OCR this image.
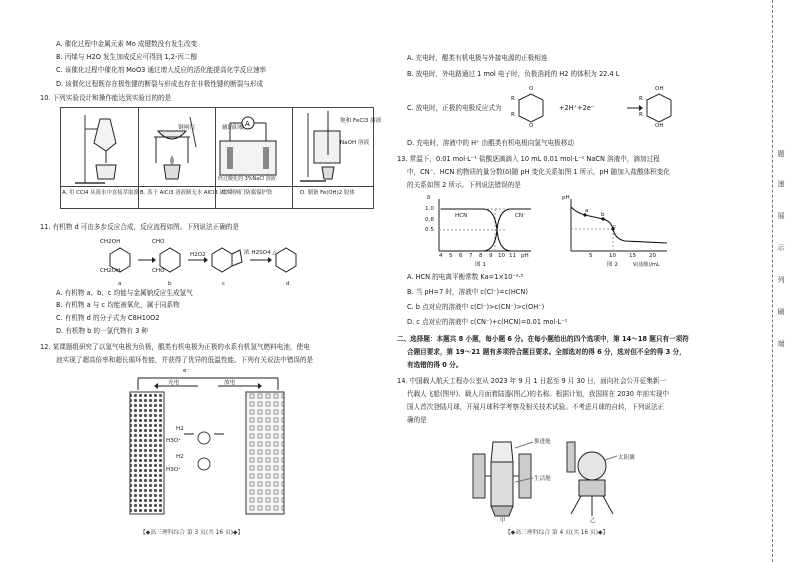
A. 催化过程中金属元素 Mo 成键数没有发生改变
B. 丙烯与 H2O 发生加成反应可得到 1,2-丙二醇
C. 该催化过程中催化剂 MoO3 通过增大反应的活化能提高化学反应速率
D. 该催化过程既存在极性键的断裂与形成也存在非极性键的断裂与形成
10. 下列实验设计和操作能达到实验目的的是
A
钢闸门	辅助阳极
经过酸化的 3%NaCl 溶液
饱和 FeCl3 溶液
NaOH 溶液
A. 用 CCl4 从溴水中直接萃取溴 B. 蒸干 AlCl3 溶液制无水 AlCl3 固体
C. 钢闸门防腐保护铁	D. 制备 Fe(OH)2 胶体
11. 有机物 d 可由多步反应合成，反应流程如图。下列说法正确的是
CH2OH
CH2OH
CHO
CHO
H2O2	浓 H2SO4 △
a	b	c	d
A. 有机物 a、b、c 均能与金属钠反应生成氢气
B. 有机物 a 与 c 均能被氧化，属于同系物
C. 有机物 d 的分子式为 C8H10O2
D. 有机物 b 的一氯代物有 3 种
12. 某课题组研究了以氢气电极为负极，醌类有机电极为正极的水系有机氢气燃料电池，使电
池实现了超高倍率和超长循环性能，并获得了优异的低温性能。下列有关说法中错误的是
e⁻
充电	放电
H2
H2
H3O⁺
H3O⁺
【◆高三理科综合 第 3 页(共 16 页)◆】
A. 充电时，醌类有机电极与外接电源的正极相连
B. 放电时，外电路通过 1 mol 电子时，负极消耗的 H2 的体积为 22.4 L
C. 放电时，正极的电极反应式为
O
O
OH
OH
R
R
R
R
+2H⁺+2e⁻
D. 充电时，溶液中的 H⁺ 由醌类有机电极向氢气电极移动
13. 常温下，0.01 mol·L⁻¹ 盐酸逐滴滴入 10 mL 0.01 mol·L⁻¹ NaCN 溶液中，滴加过程
中，CN⁻、HCN 的物质的量分数(δ)随 pH 变化关系如图 1 所示，pH 随加入盐酸体积变化
的关系如图 2 所示。下列说法错误的是
δ
1.0
0.8
0.5
HCN	CN⁻
4 5 6 7 8 9 10 11 pH
图 1
pH
a
b
c
5	10 15 20
V(盐酸)/mL
图 2
A. HCN 的电离平衡常数 Ka=1×10⁻⁹·⁵
B. 当 pH=7 时，溶液中 c(Cl⁻)=c(HCN)
C. b 点对应的溶液中 c(Cl⁻)>c(CN⁻)>c(OH⁻)
D. c 点对应的溶液中 c(CN⁻)+c(HCN)=0.01 mol·L⁻¹
二、选择题：本题共 8 小题，每小题 6 分。在每小题给出的四个选项中，第 14～18 题只有一项符
合题目要求，第 19～21 题有多项符合题目要求。全部选对的得 6 分，选对但不全的得 3 分，
有选错的得 0 分。
14. 中国载人航天工程办公室从 2023 年 9 月 1 日起至 9 月 30 日，面向社会公开征集新一
代载人飞船(图甲)、载人月面着陆器(图乙)的名称。根据计划，我国将在 2030 年前实现中
国人首次登陆月球，开展月球科学考察及相关技术试验。不考虑月球的自转，下列说法正
确的是
推进舱
生活舱
太阳翼
甲	乙
【◆高三理科综合 第 4 页(共 16 页)◆】
题
速
展
示
列
刷
端
